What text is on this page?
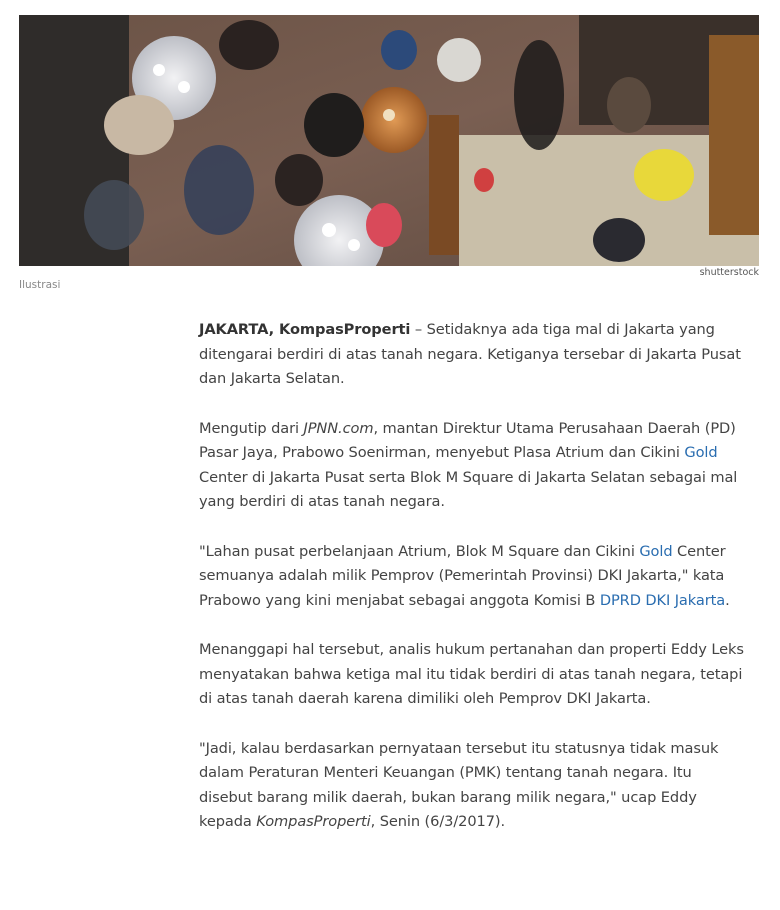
shutterstock
Ilustrasi

JAKARTA, KompasProperti – Setidaknya ada tiga mal di Jakarta yang ditengarai berdiri di atas tanah negara. Ketiganya tersebar di Jakarta Pusat dan Jakarta Selatan.

Mengutip dari JPNN.com, mantan Direktur Utama Perusahaan Daerah (PD) Pasar Jaya, Prabowo Soenirman, menyebut Plasa Atrium dan Cikini Gold Center di Jakarta Pusat serta Blok M Square di Jakarta Selatan sebagai mal yang berdiri di atas tanah negara.

"Lahan pusat perbelanjaan Atrium, Blok M Square dan Cikini Gold Center semuanya adalah milik Pemprov (Pemerintah Provinsi) DKI Jakarta," kata Prabowo yang kini menjabat sebagai anggota Komisi B DPRD DKI Jakarta.

Menanggapi hal tersebut, analis hukum pertanahan dan properti Eddy Leks menyatakan bahwa ketiga mal itu tidak berdiri di atas tanah negara, tetapi di atas tanah daerah karena dimiliki oleh Pemprov DKI Jakarta.

"Jadi, kalau berdasarkan pernyataan tersebut itu statusnya tidak masuk dalam Peraturan Menteri Keuangan (PMK) tentang tanah negara. Itu disebut barang milik daerah, bukan barang milik negara," ucap Eddy kepada KompasProperti, Senin (6/3/2017).
